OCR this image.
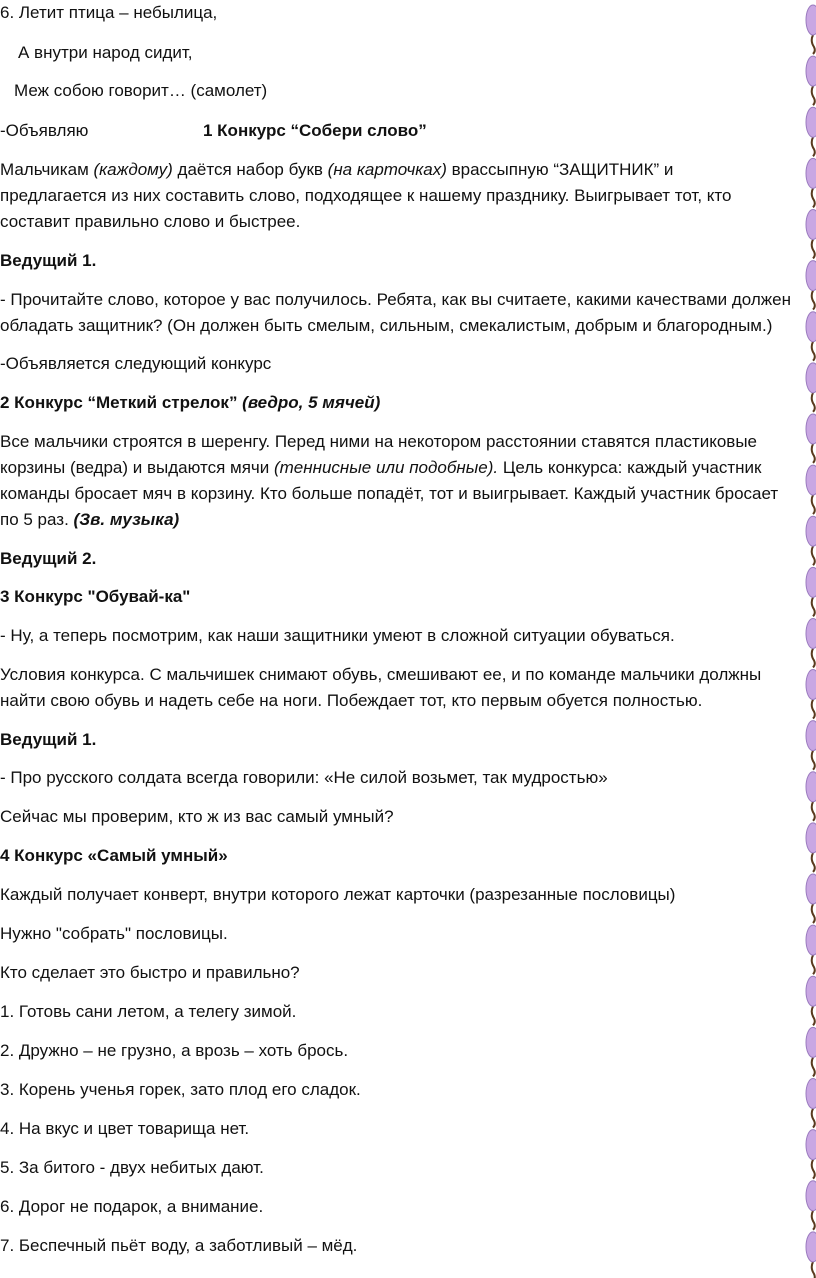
6. Летит птица – небылица,
А внутри народ сидит,
Меж собою говорит… (самолет)
-Объявляю	1 Конкурс “Собери слово”
Мальчикам (каждому) даётся набор букв (на карточках) врассыпную “ЗАЩИТНИК” и
предлагается из них составить слово, подходящее к нашему празднику. Выигрывает тот, кто
составит правильно слово и быстрее.
Ведущий 1.
- Прочитайте слово, которое у вас получилось. Ребята, как вы считаете, какими качествами должен
обладать защитник? (Он должен быть смелым, сильным, смекалистым, добрым и благородным.)
-Объявляется следующий конкурс
2 Конкурс “Меткий стрелок” (ведро, 5 мячей)
Все мальчики строятся в шеренгу. Перед ними на некотором расстоянии ставятся пластиковые
корзины (ведра) и выдаются мячи (теннисные или подобные). Цель конкурса: каждый участник
команды бросает мяч в корзину. Кто больше попадёт, тот и выигрывает. Каждый участник бросает
по 5 раз. (Зв. музыка)
Ведущий 2.
3 Конкурс "Обувай-ка"
- Ну, а теперь посмотрим, как наши защитники умеют в сложной ситуации обуваться.
Условия конкурса. С мальчишек снимают обувь, смешивают ее, и по команде мальчики должны
найти свою обувь и надеть себе на ноги. Побеждает тот, кто первым обуется полностью.
Ведущий 1.
- Про русского солдата всегда говорили: «Не силой возьмет, так мудростью»
Сейчас мы проверим, кто ж из вас самый умный?
4 Конкурс «Самый умный»
Каждый получает конверт, внутри которого лежат карточки (разрезанные пословицы)
Нужно "собрать" пословицы.
Кто сделает это быстро и правильно?
1. Готовь сани летом, а телегу зимой.
2. Дружно – не грузно, а врозь – хоть брось.
3. Корень ученья горек, зато плод его сладок.
4. На вкус и цвет товарища нет.
5. За битого - двух небитых дают.
6. Дорог не подарок, а внимание.
7. Беспечный пьёт воду, а заботливый – мёд.
